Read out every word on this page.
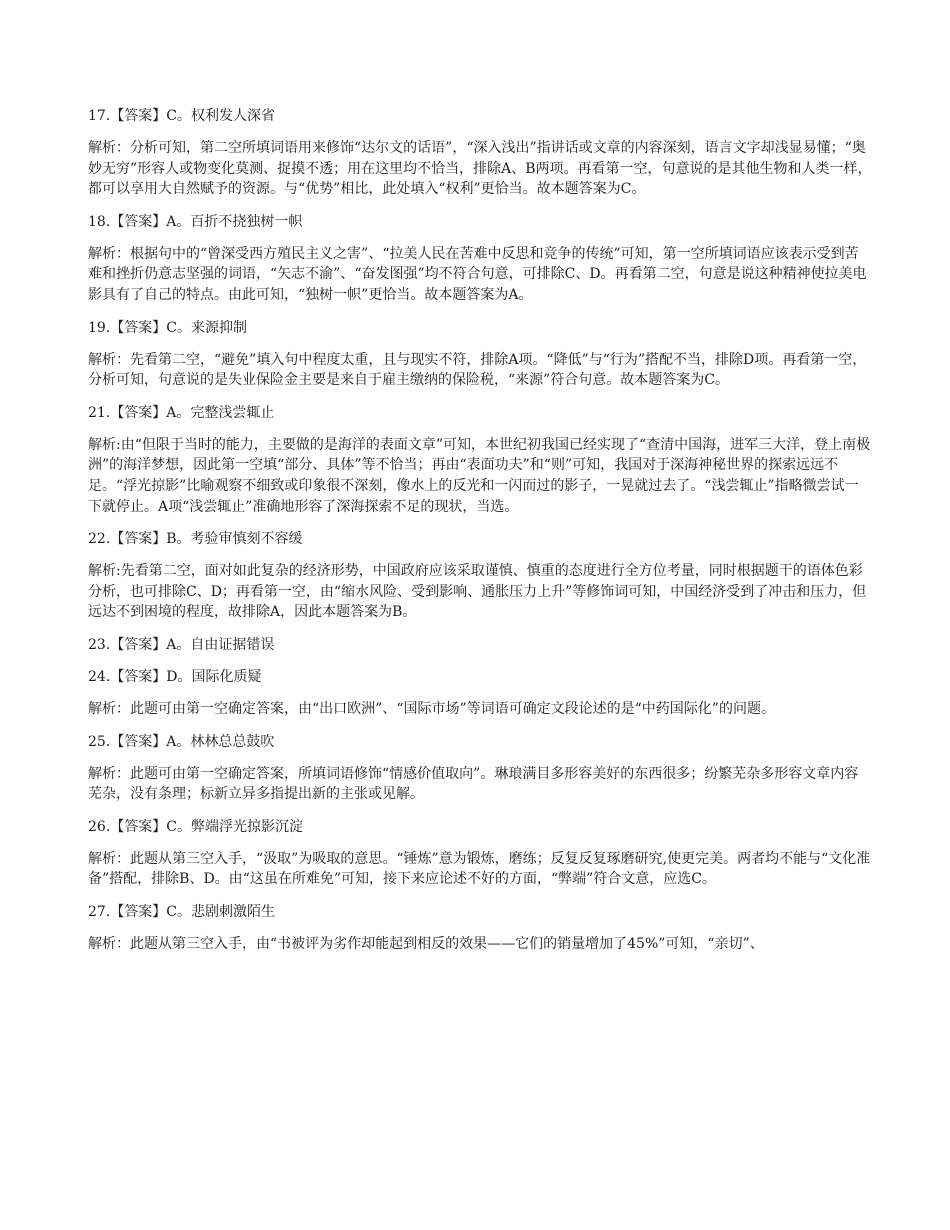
17.【答案】C。权利发人深省

解析：分析可知，第二空所填词语用来修饰“达尔文的话语”，“深入浅出”指讲话或文章的内容深刻，语言文字却浅显易懂；“奥妙无穷”形容人或物变化莫测、捉摸不透；用在这里均不恰当，排除A、B两项。再看第一空，句意说的是其他生物和人类一样，都可以享用大自然赋予的资源。与“优势”相比，此处填入“权利”更恰当。故本题答案为C。

18.【答案】A。百折不挠独树一帜

解析：根据句中的“曾深受西方殖民主义之害”、“拉美人民在苦难中反思和竞争的传统”可知，第一空所填词语应该表示受到苦难和挫折仍意志坚强的词语，“矢志不渝”、“奋发图强”均不符合句意，可排除C、D。再看第二空，句意是说这种精神使拉美电影具有了自己的特点。由此可知，“独树一帜”更恰当。故本题答案为A。

19.【答案】C。来源抑制

解析：先看第二空，“避免”填入句中程度太重，且与现实不符，排除A项。“降低”与“行为”搭配不当，排除D项。再看第一空，分析可知，句意说的是失业保险金主要是来自于雇主缴纳的保险税，“来源”符合句意。故本题答案为C。

21.【答案】A。完整浅尝辄止

解析:由“但限于当时的能力，主要做的是海洋的表面文章”可知，本世纪初我国已经实现了“查清中国海，进军三大洋，登上南极洲”的海洋梦想，因此第一空填“部分、具体”等不恰当；再由“表面功夫”和“则”可知，我国对于深海神秘世界的探索远远不足。“浮光掠影”比喻观察不细致或印象很不深刻，像水上的反光和一闪而过的影子，一晃就过去了。“浅尝辄止”指略微尝试一下就停止。A项“浅尝辄止”准确地形容了深海探索不足的现状，当选。

22.【答案】B。考验审慎刻不容缓

解析:先看第二空，面对如此复杂的经济形势，中国政府应该采取谨慎、慎重的态度进行全方位考量，同时根据题干的语体色彩分析，也可排除C、D；再看第一空，由“缩水风险、受到影响、通胀压力上升”等修饰词可知，中国经济受到了冲击和压力，但远达不到困境的程度，故排除A，因此本题答案为B。

23.【答案】A。自由证据错误

24.【答案】D。国际化质疑

解析：此题可由第一空确定答案，由“出口欧洲”、“国际市场”等词语可确定文段论述的是“中药国际化”的问题。

25.【答案】A。林林总总鼓吹

解析：此题可由第一空确定答案，所填词语修饰“情感价值取向”。琳琅满目多形容美好的东西很多；纷繁芜杂多形容文章内容芜杂，没有条理；标新立异多指提出新的主张或见解。

26.【答案】C。弊端浮光掠影沉淀

解析：此题从第三空入手，“汲取”为吸取的意思。“锤炼”意为锻炼，磨练；反复反复琢磨研究,使更完美。两者均不能与“文化准备”搭配，排除B、D。由“这虽在所难免”可知，接下来应论述不好的方面，“弊端”符合文意，应选C。

27.【答案】C。悲剧刺激陌生

解析：此题从第三空入手，由“书被评为劣作却能起到相反的效果——它们的销量增加了45%”可知，“亲切”、
